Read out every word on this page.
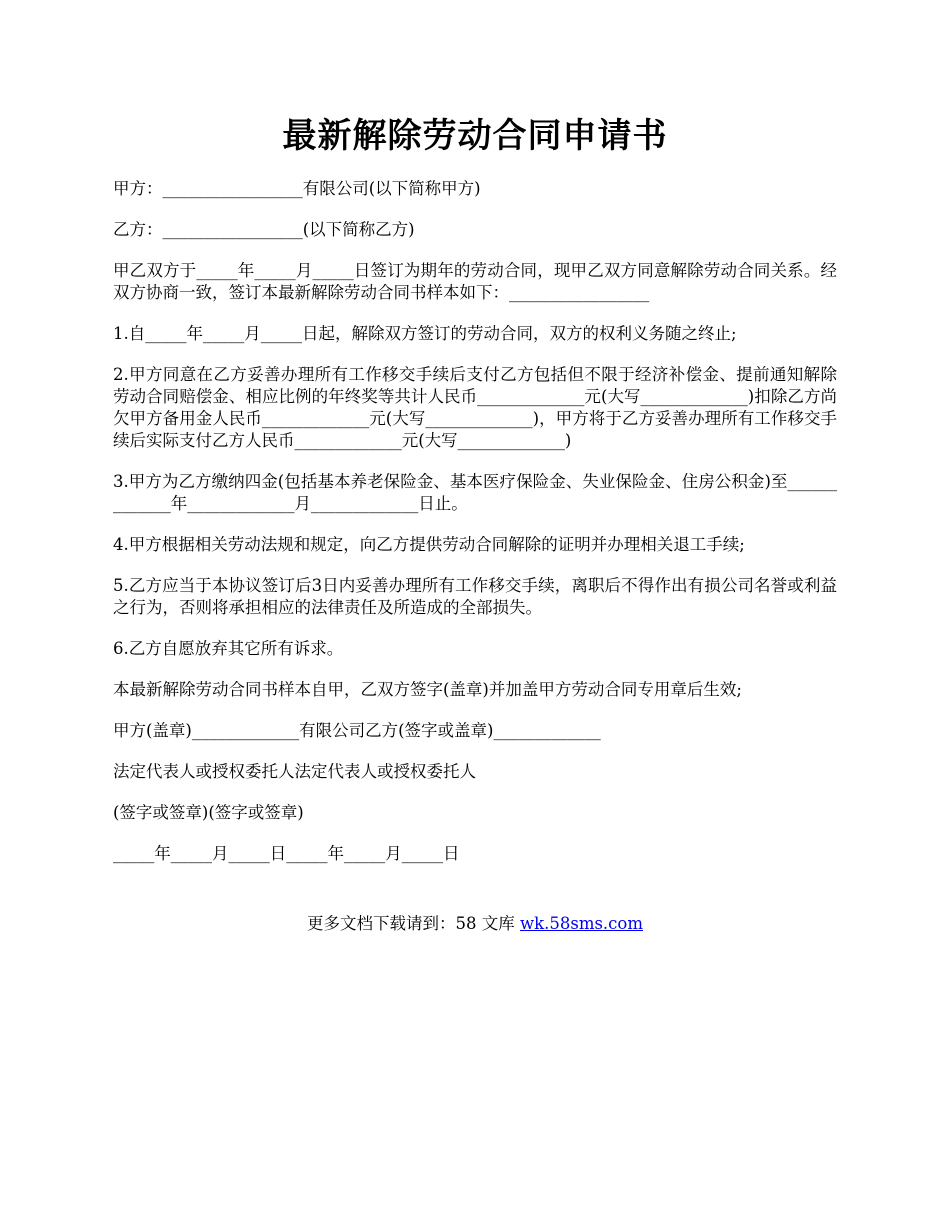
最新解除劳动合同申请书

甲方：_________________有限公司(以下简称甲方)

乙方：_________________(以下简称乙方)

甲乙双方于_____年_____月_____日签订为期年的劳动合同，现甲乙双方同意解除劳动合同关系。经双方协商一致，签订本最新解除劳动合同书样本如下：_________________

1.自_____年_____月_____日起，解除双方签订的劳动合同，双方的权利义务随之终止;

2.甲方同意在乙方妥善办理所有工作移交手续后支付乙方包括但不限于经济补偿金、提前通知解除劳动合同赔偿金、相应比例的年终奖等共计人民币_____________元(大写_____________)扣除乙方尚欠甲方备用金人民币_____________元(大写_____________)，甲方将于乙方妥善办理所有工作移交手续后实际支付乙方人民币_____________元(大写_____________)

3.甲方为乙方缴纳四金(包括基本养老保险金、基本医疗保险金、失业保险金、住房公积金)至_____________年_____________月_____________日止。

4.甲方根据相关劳动法规和规定，向乙方提供劳动合同解除的证明并办理相关退工手续;

5.乙方应当于本协议签订后3日内妥善办理所有工作移交手续，离职后不得作出有损公司名誉或利益之行为，否则将承担相应的法律责任及所造成的全部损失。

6.乙方自愿放弃其它所有诉求。

本最新解除劳动合同书样本自甲，乙双方签字(盖章)并加盖甲方劳动合同专用章后生效;

甲方(盖章)_____________有限公司乙方(签字或盖章)_____________

法定代表人或授权委托人法定代表人或授权委托人

(签字或签章)(签字或签章)

_____年_____月_____日_____年_____月_____日

更多文档下载请到：58 文库 wk.58sms.com
